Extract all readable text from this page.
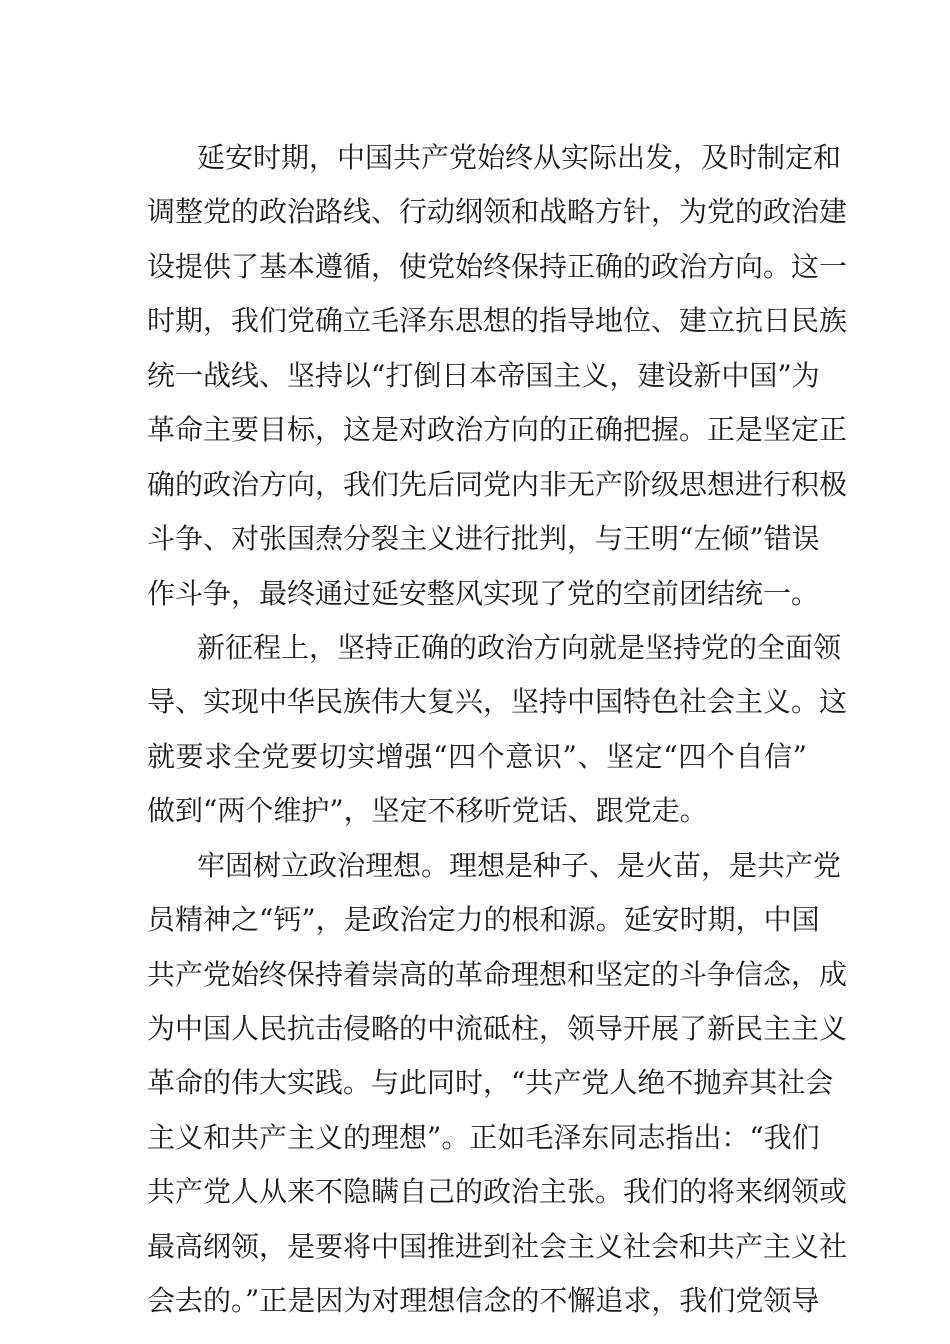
延安时期，中国共产党始终从实际出发，及时制定和
调整党的政治路线、行动纲领和战略方针，为党的政治建
设提供了基本遵循，使党始终保持正确的政治方向。这一
时期，我们党确立毛泽东思想的指导地位、建立抗日民族
统一战线、坚持以“打倒日本帝国主义，建设新中国”为
革命主要目标，这是对政治方向的正确把握。正是坚定正
确的政治方向，我们先后同党内非无产阶级思想进行积极
斗争、对张国焘分裂主义进行批判，与王明“左倾”错误
作斗争，最终通过延安整风实现了党的空前团结统一。
新征程上，坚持正确的政治方向就是坚持党的全面领
导、实现中华民族伟大复兴，坚持中国特色社会主义。这
就要求全党要切实增强“四个意识”、坚定“四个自信”
做到“两个维护”，坚定不移听党话、跟党走。
牢固树立政治理想。理想是种子、是火苗，是共产党
员精神之“钙”，是政治定力的根和源。延安时期，中国
共产党始终保持着崇高的革命理想和坚定的斗争信念，成
为中国人民抗击侵略的中流砥柱，领导开展了新民主主义
革命的伟大实践。与此同时，“共产党人绝不抛弃其社会
主义和共产主义的理想”。正如毛泽东同志指出：“我们
共产党人从来不隐瞒自己的政治主张。我们的将来纲领或
最高纲领，是要将中国推进到社会主义社会和共产主义社
会去的。”正是因为对理想信念的不懈追求，我们党领导
